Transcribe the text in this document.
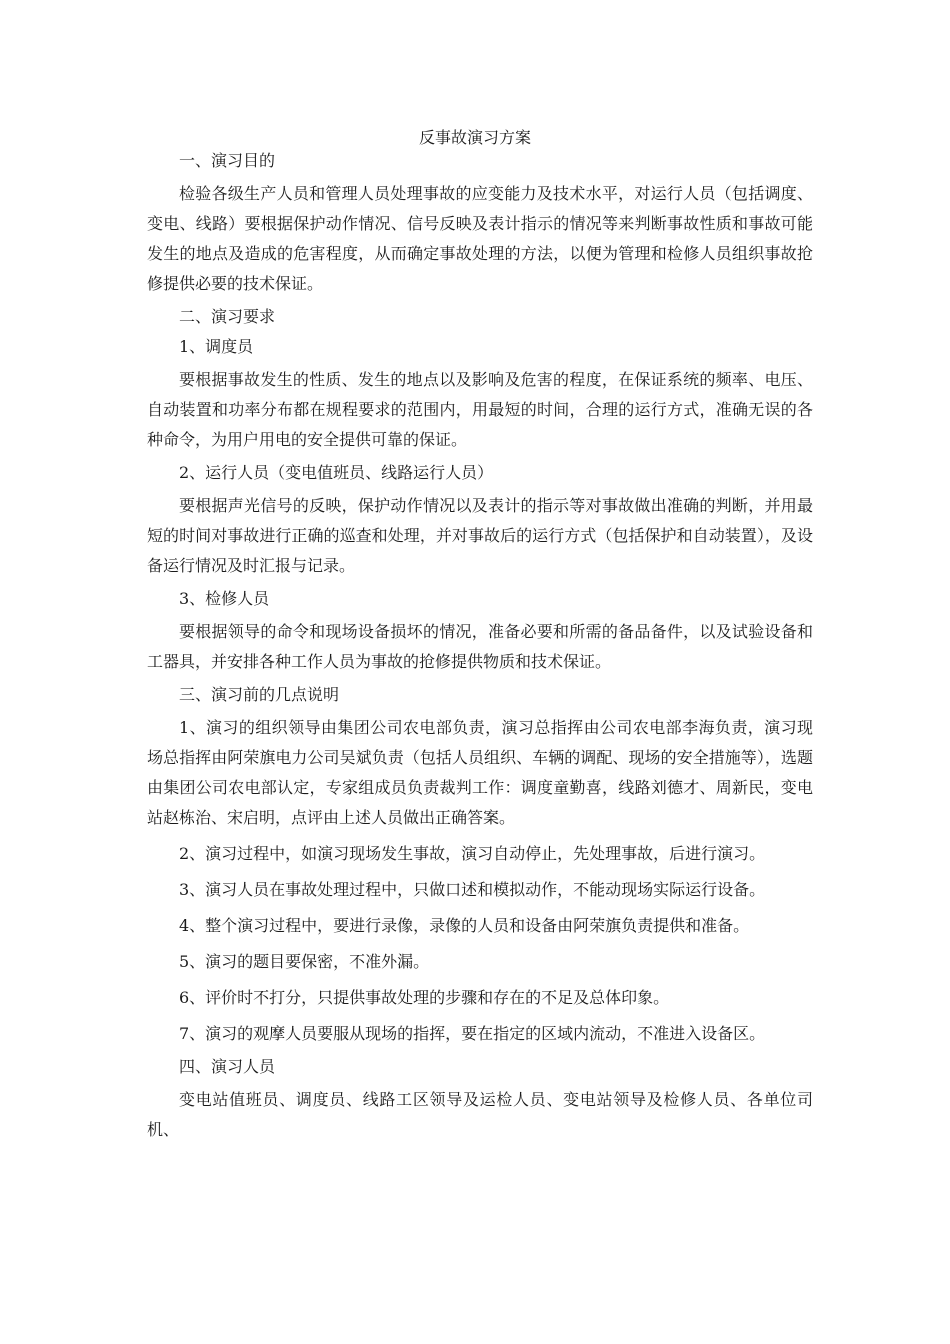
反事故演习方案

一、演习目的

检验各级生产人员和管理人员处理事故的应变能力及技术水平，对运行人员（包括调度、变电、线路）要根据保护动作情况、信号反映及表计指示的情况等来判断事故性质和事故可能发生的地点及造成的危害程度，从而确定事故处理的方法，以便为管理和检修人员组织事故抢修提供必要的技术保证。

二、演习要求

1、调度员

要根据事故发生的性质、发生的地点以及影响及危害的程度，在保证系统的频率、电压、自动装置和功率分布都在规程要求的范围内，用最短的时间，合理的运行方式，准确无误的各种命令，为用户用电的安全提供可靠的保证。

2、运行人员（变电值班员、线路运行人员）

要根据声光信号的反映，保护动作情况以及表计的指示等对事故做出准确的判断，并用最短的时间对事故进行正确的巡查和处理，并对事故后的运行方式（包括保护和自动装置），及设备运行情况及时汇报与记录。

3、检修人员

要根据领导的命令和现场设备损坏的情况，准备必要和所需的备品备件，以及试验设备和工器具，并安排各种工作人员为事故的抢修提供物质和技术保证。

三、演习前的几点说明

1、演习的组织领导由集团公司农电部负责，演习总指挥由公司农电部李海负责，演习现场总指挥由阿荣旗电力公司吴斌负责（包括人员组织、车辆的调配、现场的安全措施等），选题由集团公司农电部认定，专家组成员负责裁判工作：调度童勤喜，线路刘德才、周新民，变电站赵栋治、宋启明，点评由上述人员做出正确答案。

2、演习过程中，如演习现场发生事故，演习自动停止，先处理事故，后进行演习。

3、演习人员在事故处理过程中，只做口述和模拟动作，不能动现场实际运行设备。

4、整个演习过程中，要进行录像，录像的人员和设备由阿荣旗负责提供和准备。

5、演习的题目要保密，不准外漏。

6、评价时不打分，只提供事故处理的步骤和存在的不足及总体印象。

7、演习的观摩人员要服从现场的指挥，要在指定的区域内流动，不准进入设备区。

四、演习人员

变电站值班员、调度员、线路工区领导及运检人员、变电站领导及检修人员、各单位司机、
